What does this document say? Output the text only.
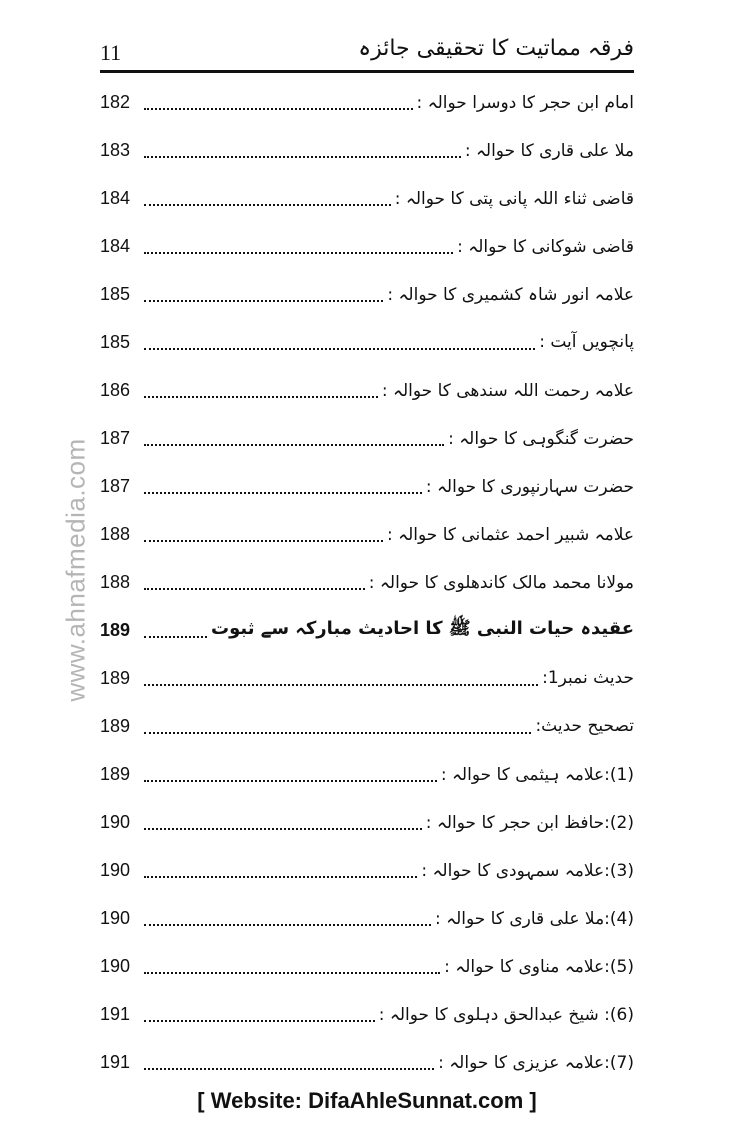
11	فرقہ مماتیت کا تحقیقی جائزہ
www.ahnafmedia.com
182	امام ابن حجر کا دوسرا حوالہ :
183	ملا علی قاری کا حوالہ :
184	قاضی ثناء اللہ پانی پتی کا حوالہ :
184	قاضی شوکانی کا حوالہ :
185	علامہ انور شاہ کشمیری کا حوالہ :
185	پانچویں آیت :
186	علامہ رحمت اللہ سندھی کا حوالہ :
187	حضرت گنگوہی کا حوالہ :
187	حضرت سہارنپوری کا حوالہ :
188	علامہ شبیر احمد عثمانی کا حوالہ :
188	مولانا محمد مالک کاندھلوی کا حوالہ :
189	عقیدہ حیات النبی ﷺ کا احادیث مبارکہ سے ثبوت
189	حدیث نمبر1:
189	تصحیح حدیث:
189	(1):علامہ ہیثمی کا حوالہ :
190	(2):حافظ ابن حجر کا حوالہ :
190	(3):علامہ سمہودی کا حوالہ :
190	(4):ملا علی قاری کا حوالہ :
190	(5):علامہ مناوی کا حوالہ :
191	(6): شیخ عبدالحق دہلوی کا حوالہ :
191	(7):علامہ عزیزی کا حوالہ :
[ Website: DifaAhleSunnat.com ]
